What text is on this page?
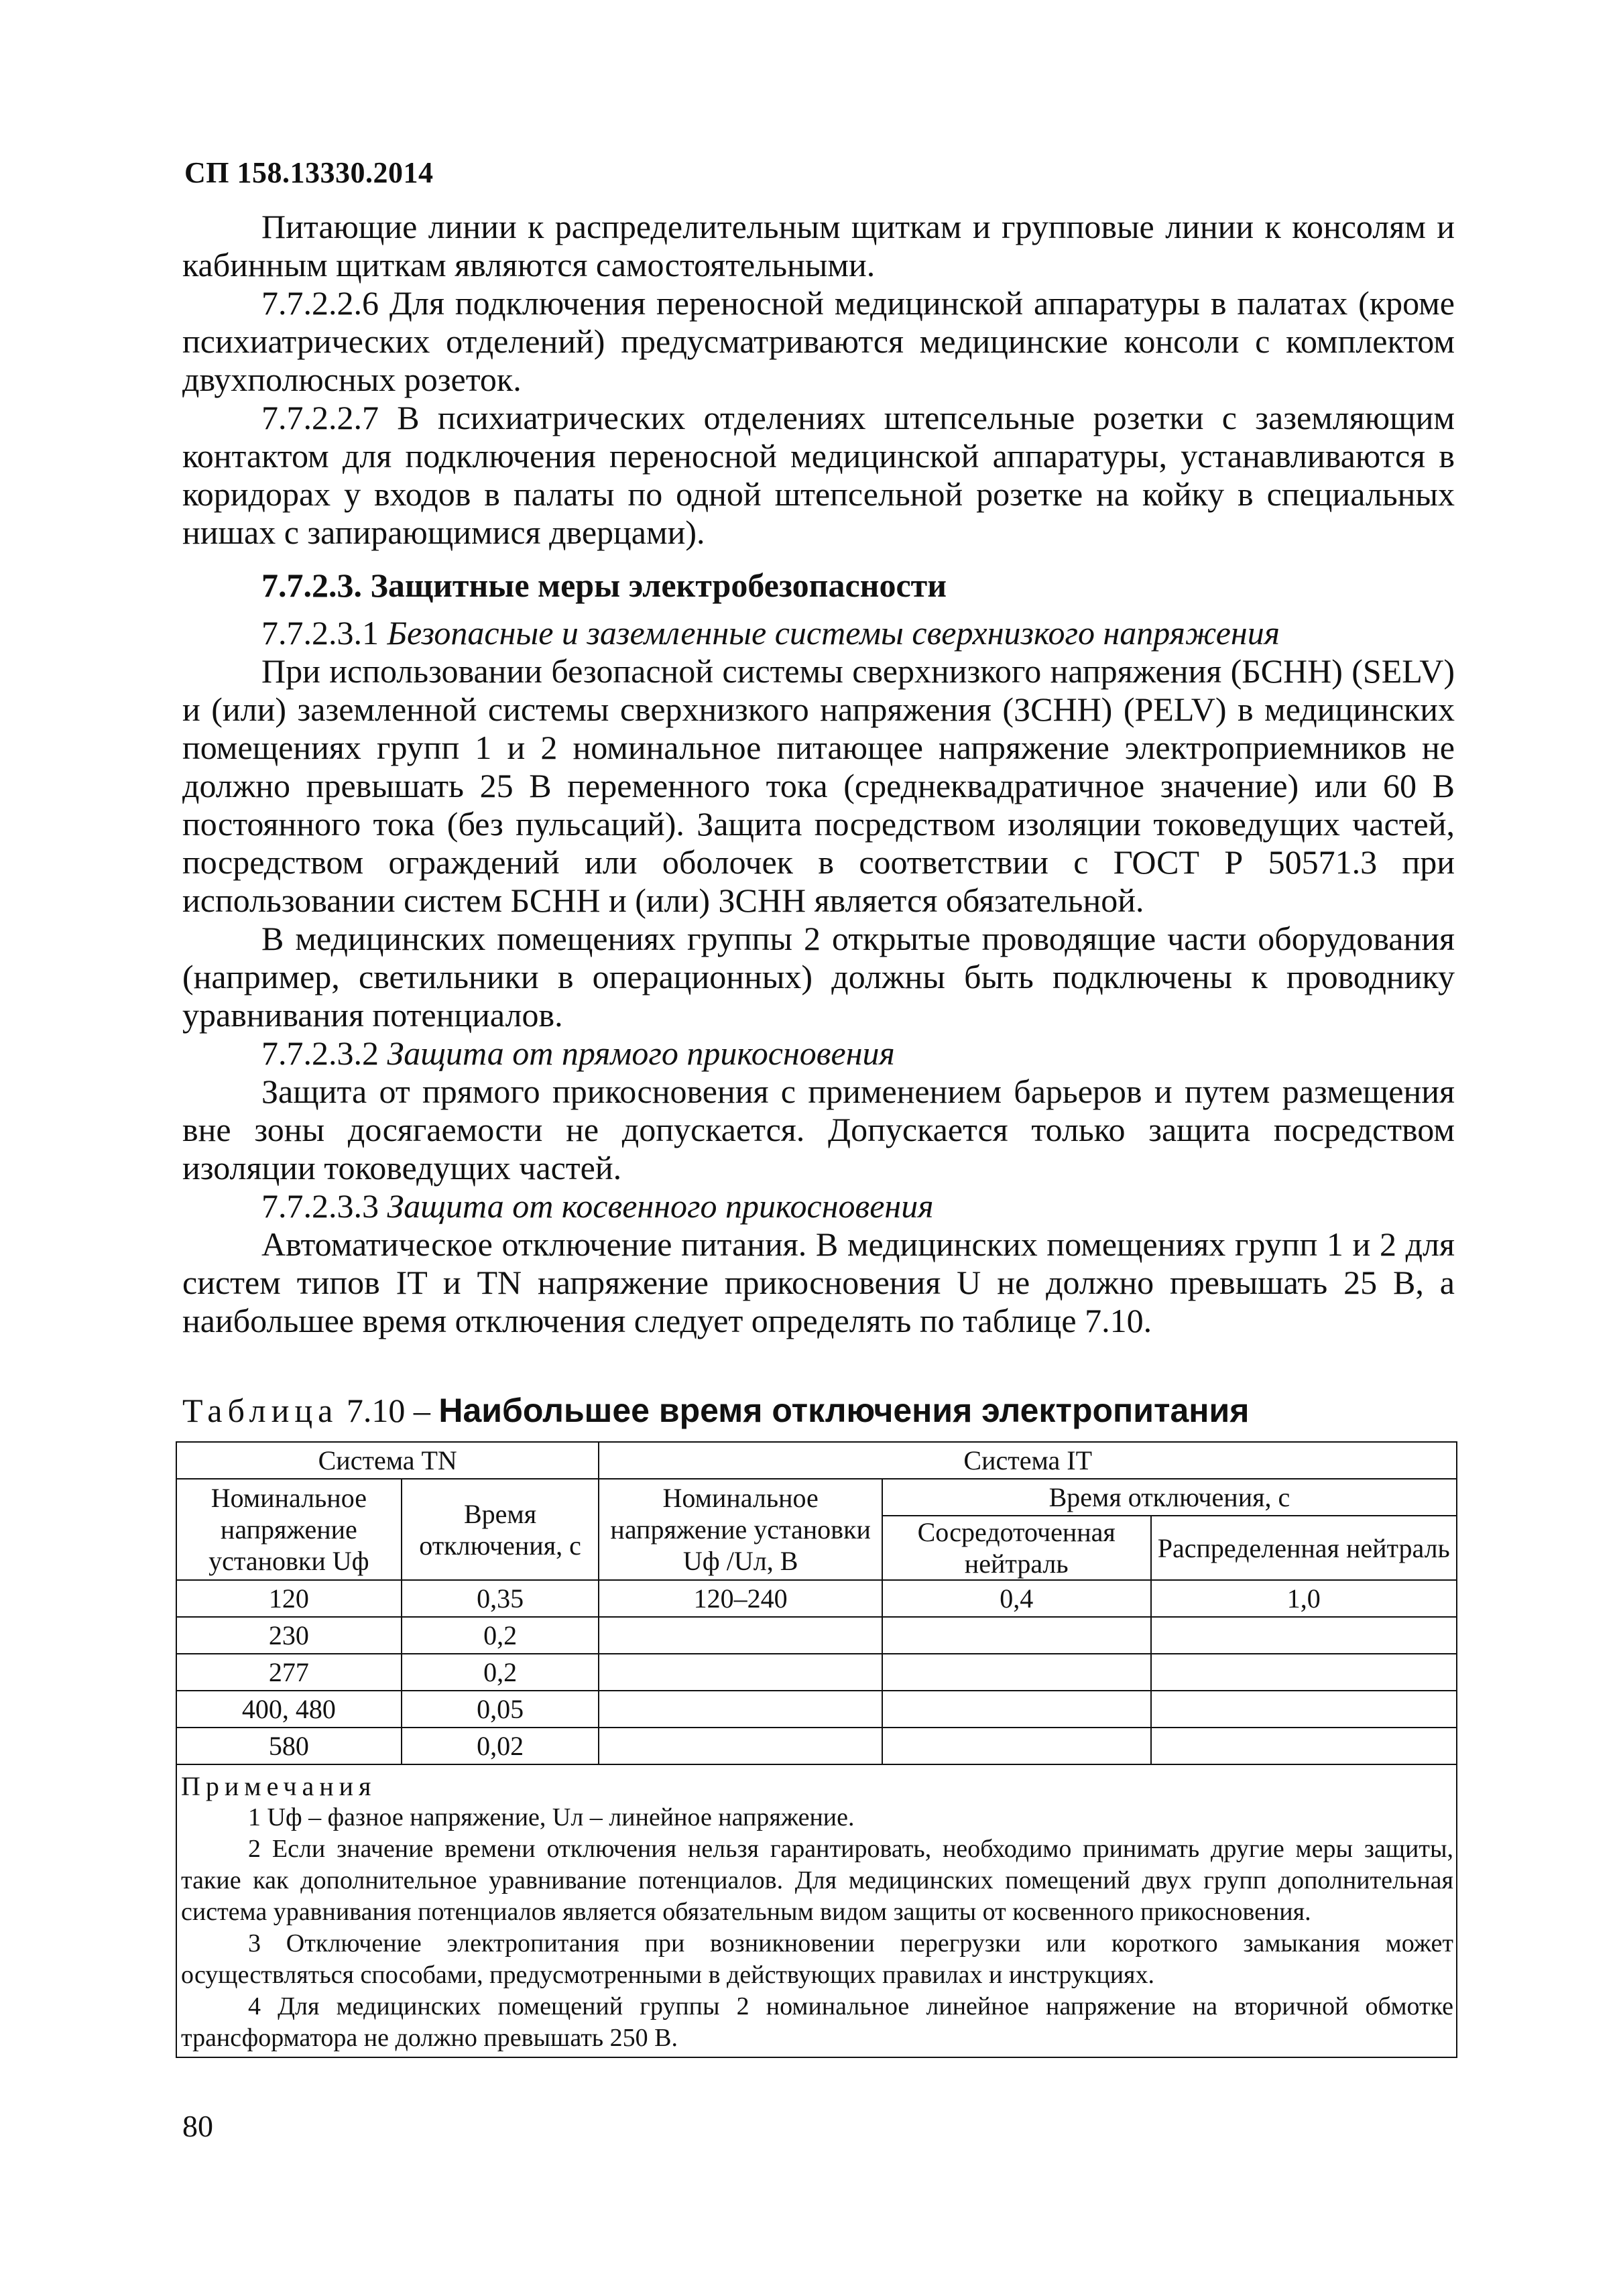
СП 158.13330.2014

Питающие линии к распределительным щиткам и групповые линии к консолям и кабинным щиткам являются самостоятельными.

7.7.2.2.6 Для подключения переносной медицинской аппаратуры в палатах (кроме психиатрических отделений) предусматриваются медицинские консоли с комплектом двухполюсных розеток.

7.7.2.2.7 В психиатрических отделениях штепсельные розетки с заземляющим контактом для подключения переносной медицинской аппаратуры, устанавливаются в коридорах у входов в палаты по одной штепсельной розетке на койку в специальных нишах с запирающимися дверцами).

7.7.2.3. Защитные меры электробезопасности

7.7.2.3.1 Безопасные и заземленные системы сверхнизкого напряжения

При использовании безопасной системы сверхнизкого напряжения (БСНН) (SELV) и (или) заземленной системы сверхнизкого напряжения (ЗСНН) (PELV) в медицинских помещениях групп 1 и 2 номинальное питающее напряжение электроприемников не должно превышать 25 В переменного тока (среднеквадратичное значение) или 60 В постоянного тока (без пульсаций). Защита посредством изоляции токоведущих частей, посредством ограждений или оболочек в соответствии с ГОСТ Р 50571.3 при использовании систем БСНН и (или) ЗСНН является обязательной.

В медицинских помещениях группы 2 открытые проводящие части оборудования (например, светильники в операционных) должны быть подключены к проводнику уравнивания потенциалов.

7.7.2.3.2 Защита от прямого прикосновения

Защита от прямого прикосновения с применением барьеров и путем размещения вне зоны досягаемости не допускается. Допускается только защита посредством изоляции токоведущих частей.

7.7.2.3.3 Защита от косвенного прикосновения

Автоматическое отключение питания. В медицинских помещениях групп 1 и 2 для систем типов IT и TN напряжение прикосновения U не должно превышать 25 В, а наибольшее время отключения следует определять по таблице 7.10.

Таблица 7.10 – Наибольшее время отключения электропитания
Система TN		Система IT		
Номинальное напряжение установки Uф	Время отключения, с	Номинальное напряжение установки Uф /Uл, В	Время отключения, с	
			Сосредоточенная нейтраль	Распределенная нейтраль
120	0,35	120–240	0,4	1,0
230	0,2			
277	0,2			
400, 480	0,05			
580	0,02			

Примечания

1 Uф – фазное напряжение, Uл – линейное напряжение.

2 Если значение времени отключения нельзя гарантировать, необходимо принимать другие меры защиты, такие как дополнительное уравнивание потенциалов. Для медицинских помещений двух групп дополнительная система уравнивания потенциалов является обязательным видом защиты от косвенного прикосновения.

3 Отключение электропитания при возникновении перегрузки или короткого замыкания может осуществляться способами, предусмотренными в действующих правилах и инструкциях.

4 Для медицинских помещений группы 2 номинальное линейное напряжение на вторичной обмотке трансформатора не должно превышать 250 В.				

80
